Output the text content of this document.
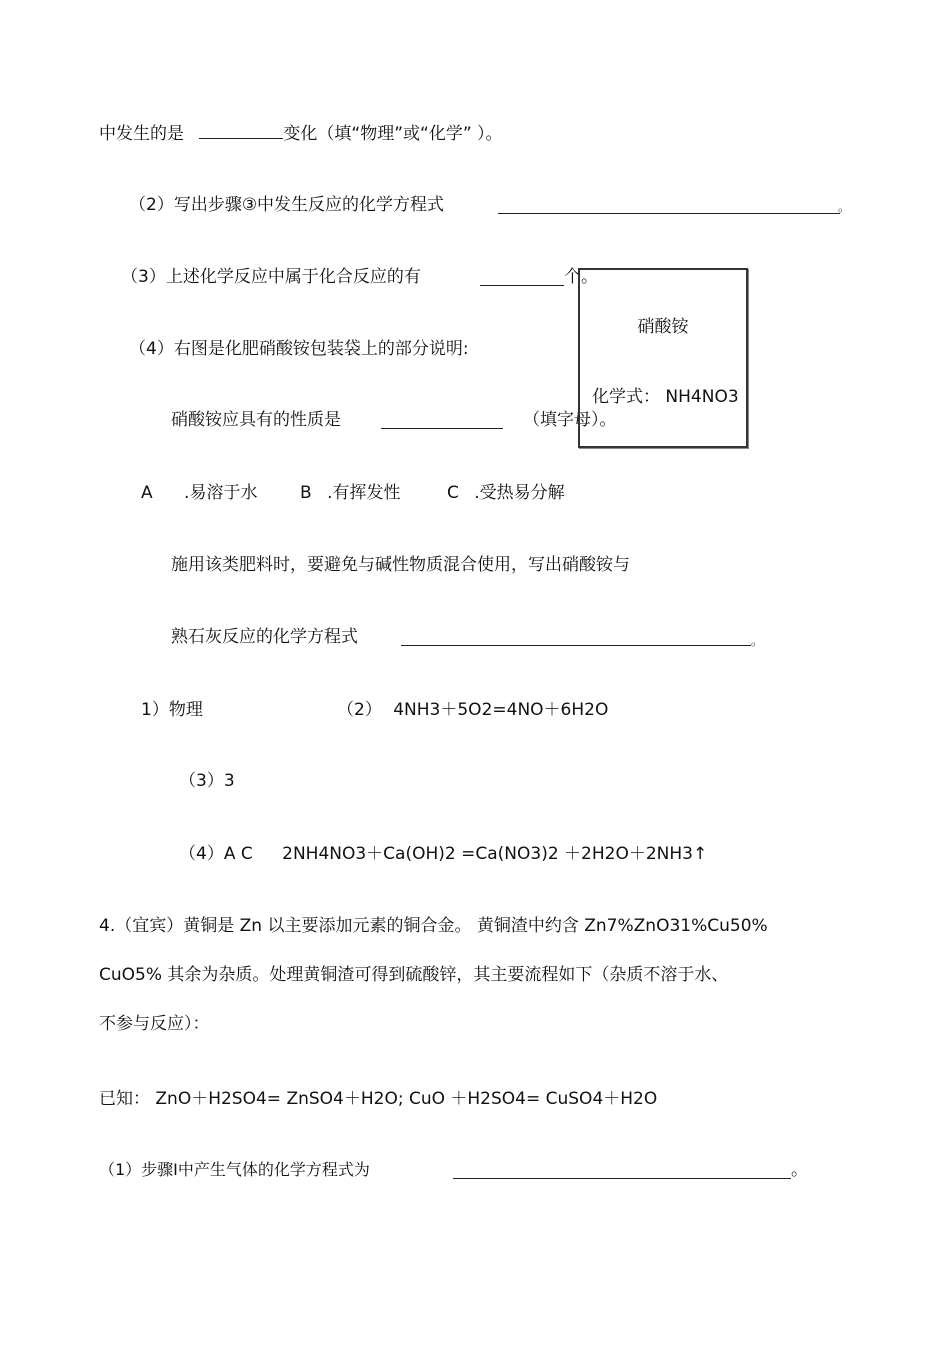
中发生的是	变化（填“物理”或“化学” ）。
（2）写出步骤③中发生反应的化学方程式	。
（3）上述化学反应中属于化合反应的有	个。
（4）右图是化肥硝酸铵包装袋上的部分说明:
硝酸铵应具有的性质是	（填字母）。
硝酸铵
化学式： NH4NO3
A .易溶于水	B .有挥发性	C .受热易分解
施用该类肥料时，要避免与碱性物质混合使用，写出硝酸铵与
熟石灰反应的化学方程式	。
1）物理	（2） 4NH3＋5O2=4NO＋6H2O
（3）3
（4）A C 2NH4NO3＋Ca(OH)2 =Ca(NO3)2 ＋2H2O＋2NH3↑
4.（宜宾）黄铜是 Zn 以主要添加元素的铜合金。 黄铜渣中约含 Zn7%ZnO31%Cu50%
CuO5% 其余为杂质。处理黄铜渣可得到硫酸锌，其主要流程如下（杂质不溶于水、
不参与反应）：
已知： ZnO＋H2SO4= ZnSO4＋H2O; CuO ＋H2SO4= CuSO4＋H2O
（1）步骤Ⅰ中产生气体的化学方程式为	。
